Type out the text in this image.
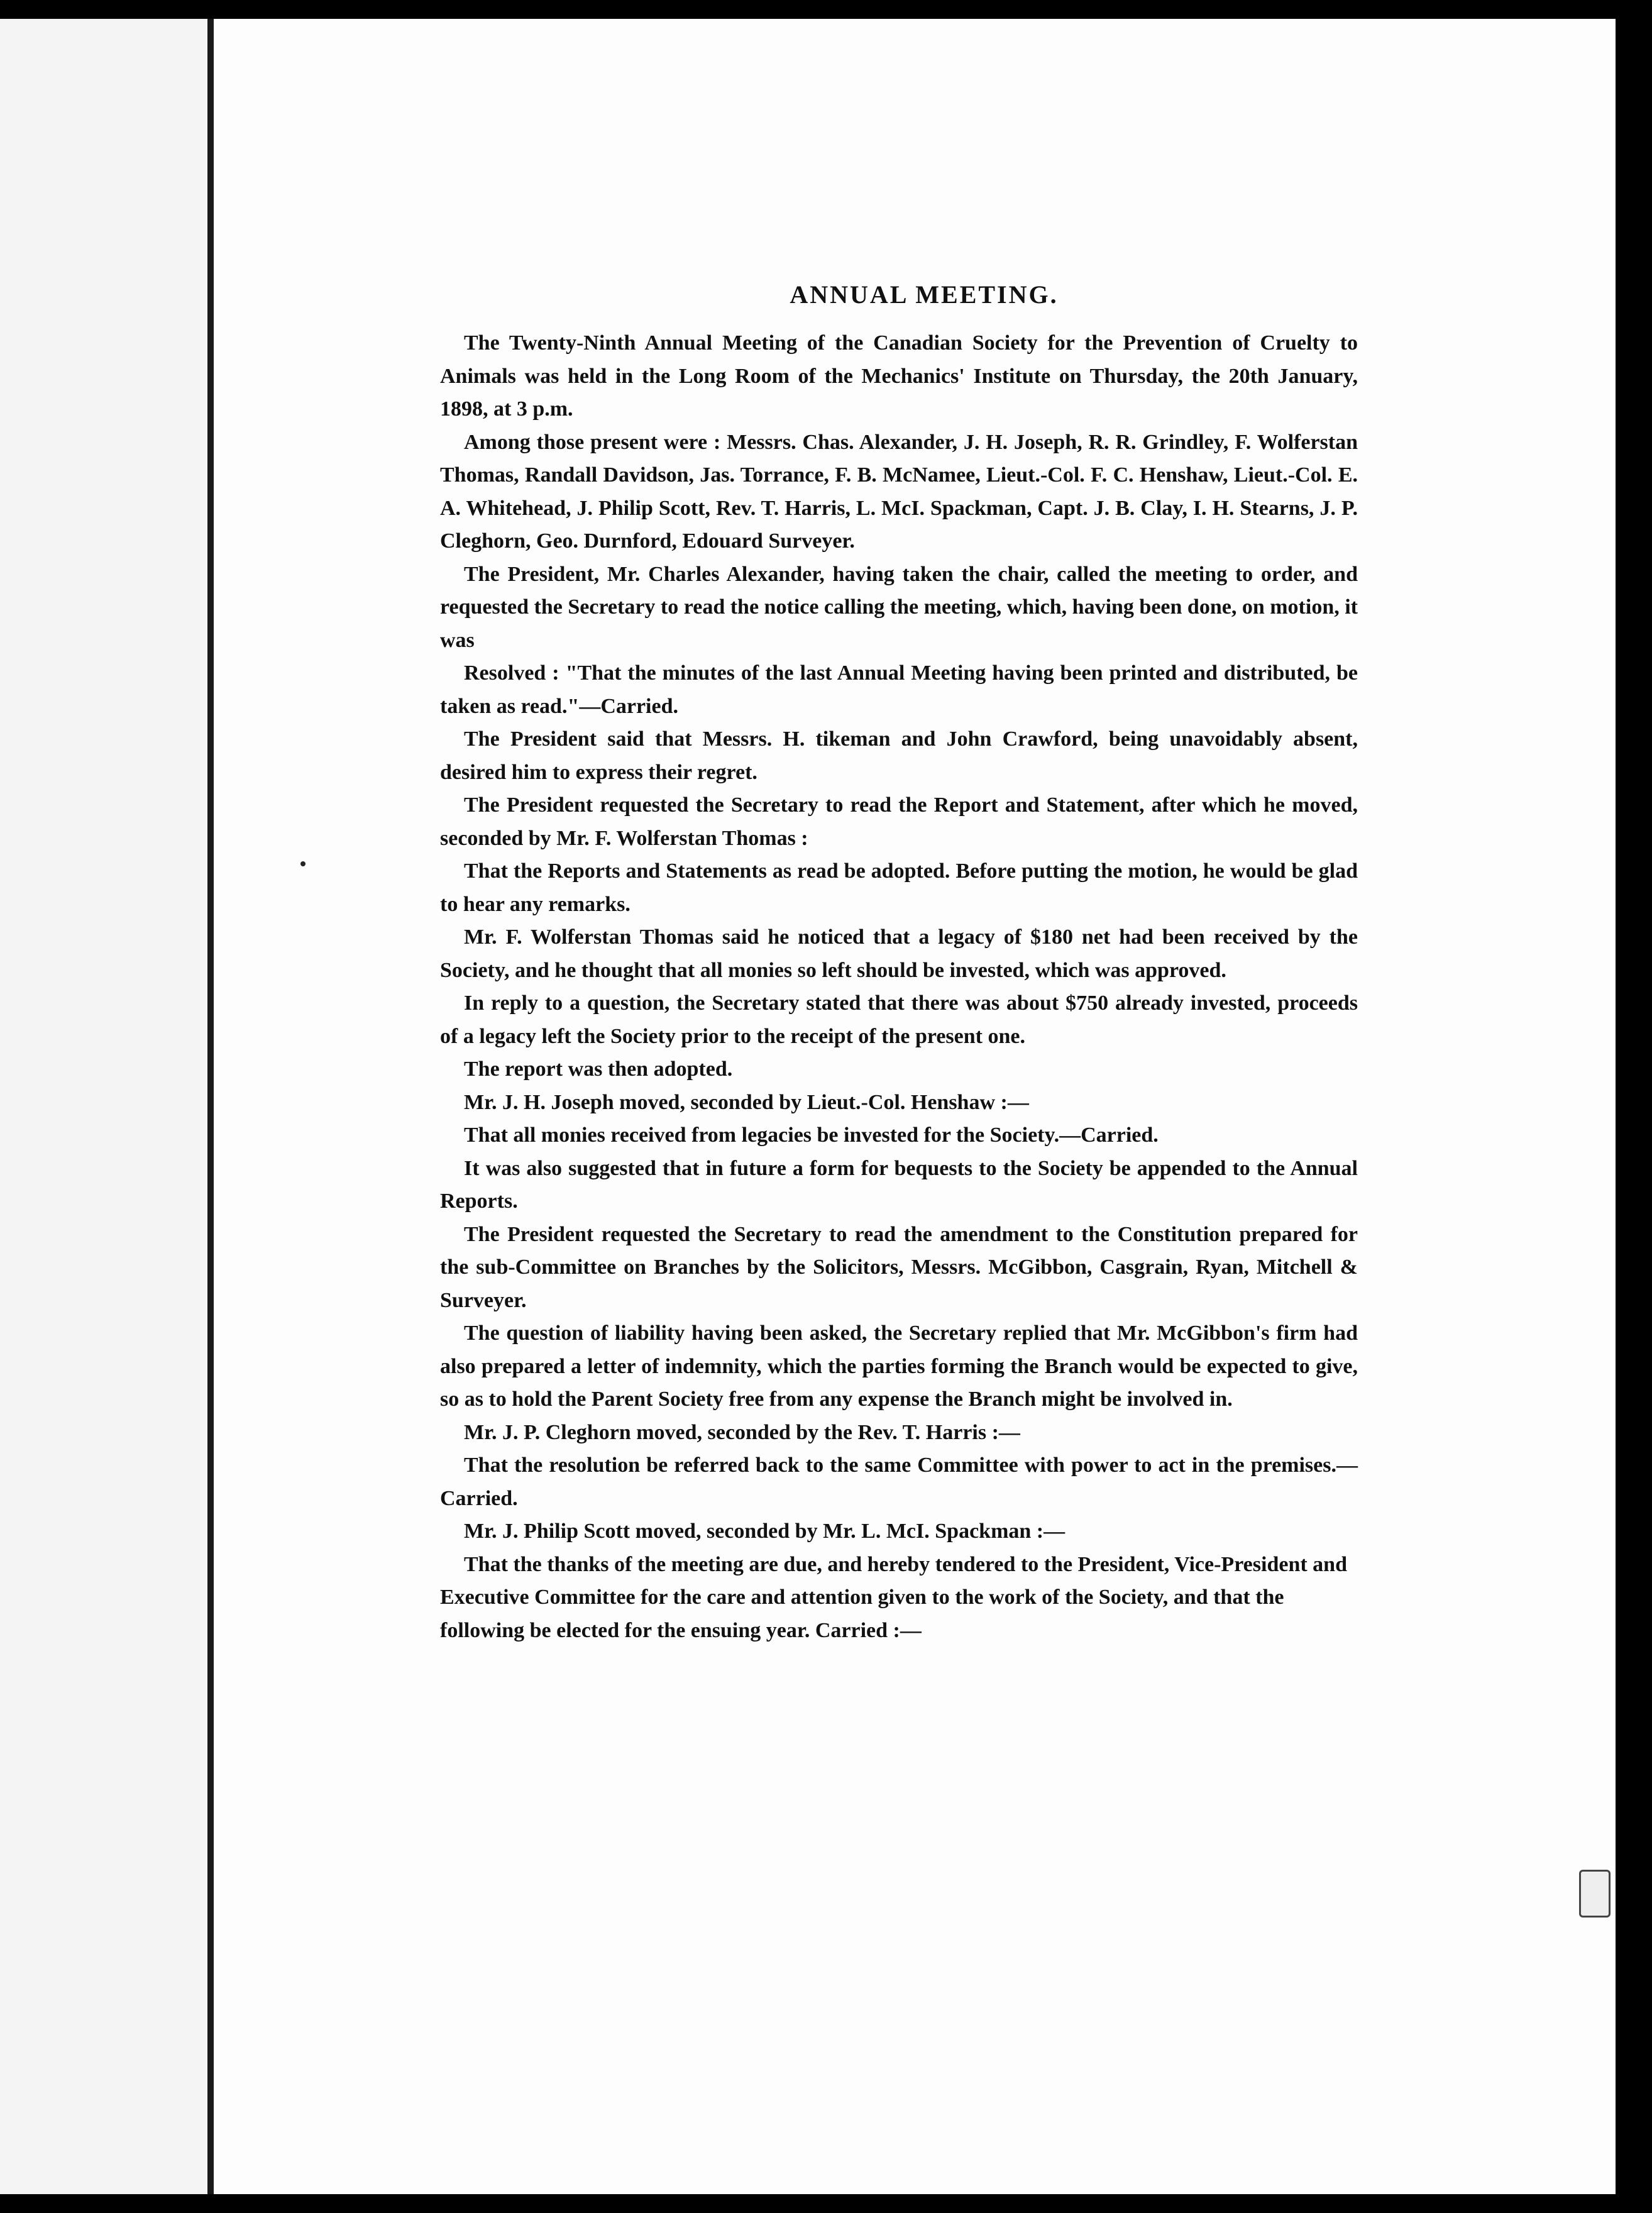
ANNUAL MEETING.

The Twenty-Ninth Annual Meeting of the Canadian Society for the Prevention of Cruelty to Animals was held in the Long Room of the Mechanics' Institute on Thursday, the 20th January, 1898, at 3 p.m.

Among those present were : Messrs. Chas. Alexander, J. H. Joseph, R. R. Grindley, F. Wolferstan Thomas, Randall Davidson, Jas. Torrance, F. B. McNamee, Lieut.-Col. F. C. Henshaw, Lieut.-Col. E. A. Whitehead, J. Philip Scott, Rev. T. Harris, L. McI. Spackman, Capt. J. B. Clay, I. H. Stearns, J. P. Cleghorn, Geo. Durnford, Edouard Surveyer.

The President, Mr. Charles Alexander, having taken the chair, called the meeting to order, and requested the Secretary to read the notice calling the meeting, which, having been done, on motion, it was

Resolved : "That the minutes of the last Annual Meeting having been printed and distributed, be taken as read."—Carried.

The President said that Messrs. H. tikeman and John Crawford, being unavoidably absent, desired him to express their regret.

The President requested the Secretary to read the Report and Statement, after which he moved, seconded by Mr. F. Wolferstan Thomas :

That the Reports and Statements as read be adopted. Before putting the motion, he would be glad to hear any remarks.

Mr. F. Wolferstan Thomas said he noticed that a legacy of $180 net had been received by the Society, and he thought that all monies so left should be invested, which was approved.

In reply to a question, the Secretary stated that there was about $750 already invested, proceeds of a legacy left the Society prior to the receipt of the present one.

The report was then adopted.

Mr. J. H. Joseph moved, seconded by Lieut.-Col. Henshaw :—

That all monies received from legacies be invested for the Society.—Carried.

It was also suggested that in future a form for bequests to the Society be appended to the Annual Reports.

The President requested the Secretary to read the amendment to the Constitution prepared for the sub-Committee on Branches by the Solicitors, Messrs. McGibbon, Casgrain, Ryan, Mitchell & Surveyer.

The question of liability having been asked, the Secretary replied that Mr. McGibbon's firm had also prepared a letter of indemnity, which the parties forming the Branch would be expected to give, so as to hold the Parent Society free from any expense the Branch might be involved in.

Mr. J. P. Cleghorn moved, seconded by the Rev. T. Harris :—

That the resolution be referred back to the same Committee with power to act in the premises.—Carried.

Mr. J. Philip Scott moved, seconded by Mr. L. McI. Spackman :—

That the thanks of the meeting are due, and hereby tendered to the President, Vice-President and Executive Committee for the care and attention given to the work of the Society, and that the following be elected for the ensuing year. Carried :—
